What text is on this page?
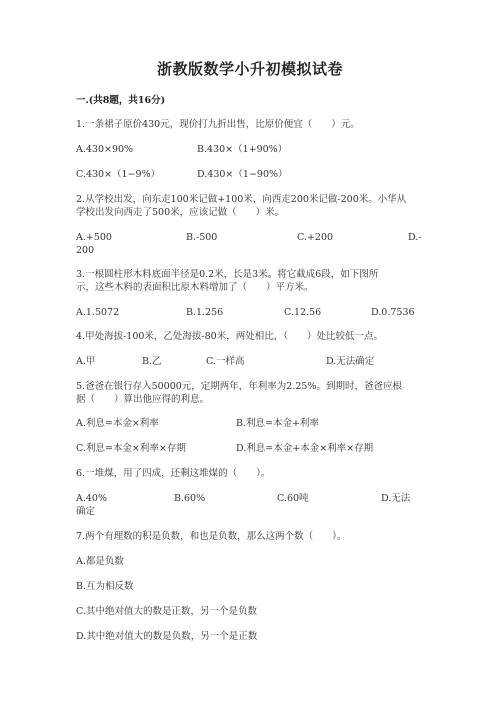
浙教版数学小升初模拟试卷
一.(共8题，共16分)
1.一条裙子原价430元，现价打九折出售，比原价便宜（　　）元。
A.430×90%	B.430×（1+90%）
C.430×（1−9%）	D.430×（1−90%）
2.从学校出发，向东走100米记做+100米，向西走200米记做-200米。小华从
学校出发向西走了500米，应该记做（　　）米。
A.+500	B.-500	C.+200	D.-
200
3.一根圆柱形木料底面半径是0.2米，长是3米。将它截成6段，如下图所
示，这些木料的表面积比原木料增加了（　　）平方米。
A.1.5072	B.1.256	C.12.56	D.0.7536
4.甲处海拔-100米，乙处海拔-80米，两处相比，（　　）处比较低一点。
A.甲	B.乙	C.一样高	D.无法确定
5.爸爸在银行存入50000元，定期两年，年利率为2.25%。到期时，爸爸应根
据（　　）算出他应得的利息。
A.利息=本金×利率	B.利息=本金+利率
C.利息=本金×利率×存期	D.利息=本金+本金×利率×存期
6.一堆煤，用了四成，还剩这堆煤的（　　）。
A.40%	B.60%	C.60吨	D.无法
确定
7.两个有理数的积是负数，和也是负数，那么这两个数（　　）。
A.都是负数
B.互为相反数
C.其中绝对值大的数是正数，另一个是负数
D.其中绝对值大的数是负数，另一个是正数
